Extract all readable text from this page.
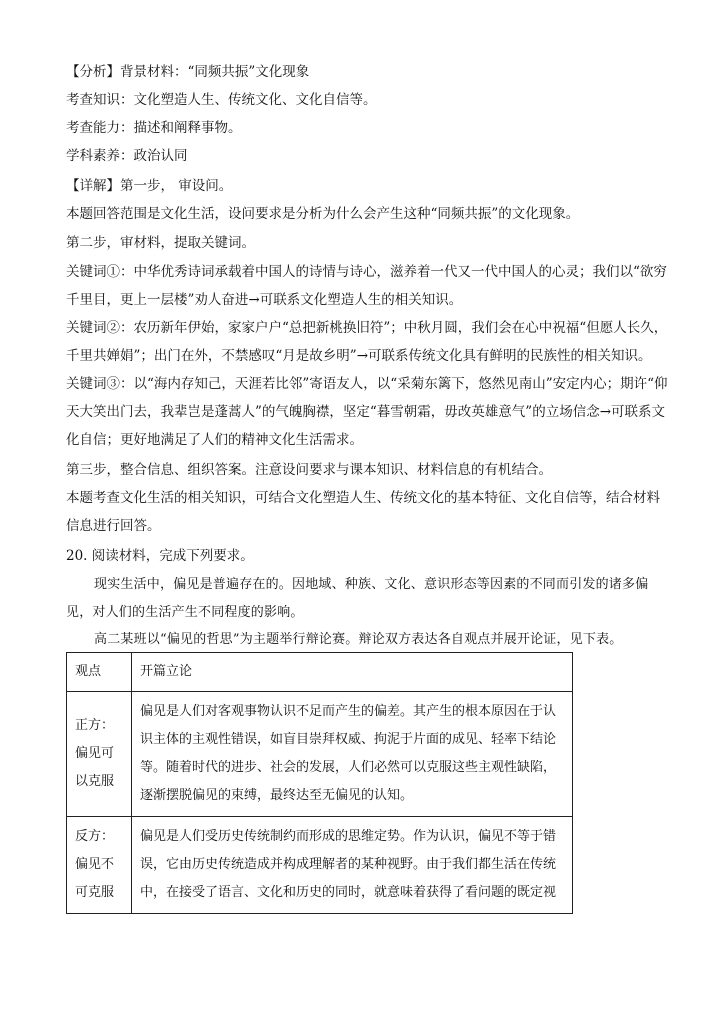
【分析】背景材料：“同频共振”文化现象
考查知识：文化塑造人生、传统文化、文化自信等。
考查能力：描述和阐释事物。
学科素养：政治认同
【详解】第一步， 审设问。
本题回答范围是文化生活，设问要求是分析为什么会产生这种“同频共振”的文化现象。
第二步，审材料，提取关键词。
关键词①：中华优秀诗词承载着中国人的诗情与诗心，滋养着一代又一代中国人的心灵；我们以“欲穷千里目，更上一层楼”劝人奋进→可联系文化塑造人生的相关知识。
关键词②：农历新年伊始，家家户户“总把新桃换旧符”；中秋月圆，我们会在心中祝福“但愿人长久，千里共婵娟”；出门在外，不禁感叹“月是故乡明”→可联系传统文化具有鲜明的民族性的相关知识。
关键词③：以“海内存知己，天涯若比邻”寄语友人，以“采菊东篱下，悠然见南山”安定内心；期许“仰天大笑出门去，我辈岂是蓬蒿人”的气魄胸襟，坚定“暮雪朝霜，毋改英雄意气”的立场信念→可联系文化自信；更好地满足了人们的精神文化生活需求。
第三步，整合信息、组织答案。注意设问要求与课本知识、材料信息的有机结合。
本题考查文化生活的相关知识，可结合文化塑造人生、传统文化的基本特征、文化自信等，结合材料信息进行回答。
20. 阅读材料，完成下列要求。
现实生活中，偏见是普遍存在的。因地域、种族、文化、意识形态等因素的不同而引发的诸多偏见，对人们的生活产生不同程度的影响。
高二某班以“偏见的哲思”为主题举行辩论赛。辩论双方表达各自观点并展开论证，见下表。
观点	开篇立论
正方：偏见可以克服	偏见是人们对客观事物认识不足而产生的偏差。其产生的根本原因在于认识主体的主观性错误，如盲目崇拜权威、拘泥于片面的成见、轻率下结论等。随着时代的进步、社会的发展，人们必然可以克服这些主观性缺陷，逐渐摆脱偏见的束缚，最终达至无偏见的认知。
反方：偏见不可克服	偏见是人们受历史传统制约而形成的思维定势。作为认识，偏见不等于错误，它由历史传统造成并构成理解者的某种视野。由于我们都生活在传统中，在接受了语言、文化和历史的同时，就意味着获得了看问题的既定视
